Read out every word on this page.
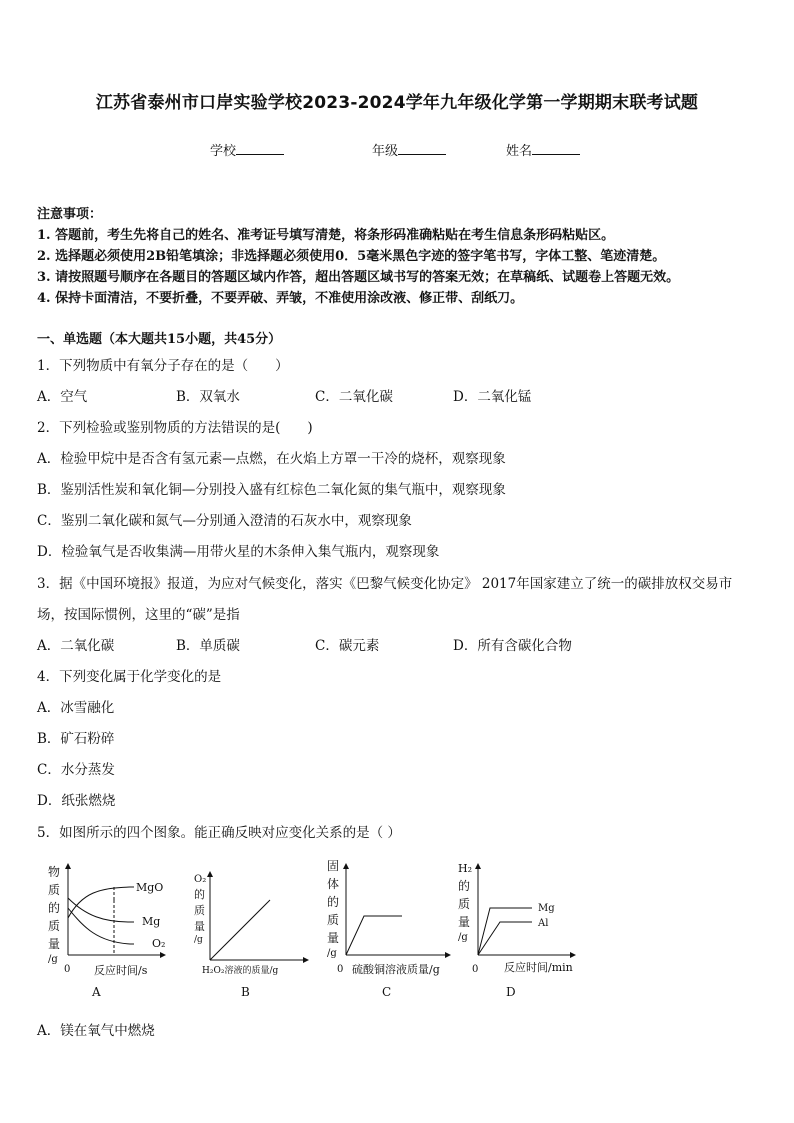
江苏省泰州市口岸实验学校2023-2024学年九年级化学第一学期期末联考试题
学校	年级	姓名
注意事项：
1. 答题前，考生先将自己的姓名、准考证号填写清楚，将条形码准确粘贴在考生信息条形码粘贴区。
2. 选择题必须使用2B铅笔填涂；非选择题必须使用0．5毫米黑色字迹的签字笔书写，字体工整、笔迹清楚。
3. 请按照题号顺序在各题目的答题区域内作答，超出答题区域书写的答案无效；在草稿纸、试题卷上答题无效。
4. 保持卡面清洁，不要折叠，不要弄破、弄皱，不准使用涂改液、修正带、刮纸刀。
一、单选题（本大题共15小题，共45分）
1．下列物质中有氧分子存在的是（　　）
A．空气	B．双氧水	C．二氧化碳	D．二氧化锰
2．下列检验或鉴别物质的方法错误的是(　　)
A．检验甲烷中是否含有氢元素—点燃，在火焰上方罩一干冷的烧杯，观察现象
B．鉴别活性炭和氧化铜—分别投入盛有红棕色二氧化氮的集气瓶中，观察现象
C．鉴别二氧化碳和氮气—分别通入澄清的石灰水中，观察现象
D．检验氧气是否收集满—用带火星的木条伸入集气瓶内，观察现象
3．据《中国环境报》报道，为应对气候变化，落实《巴黎气候变化协定》 2017年国家建立了统一的碳排放权交易市
场，按国际惯例，这里的“碳”是指
A．二氧化碳	B．单质碳	C．碳元素	D．所有含碳化合物
4．下列变化属于化学变化的是
A．冰雪融化
B．矿石粉碎
C．水分蒸发
D．纸张燃烧
5．如图所示的四个图象。能正确反映对应变化关系的是（ ）
物
质
的
质
量
/g
0
MgO
Mg
O₂
反应时间/s
A
O₂
的
质
量
/g
H₂O₂溶液的质量/g
B
固
体
的
质
量
/g
0 硫酸铜溶液质量/g
C
H₂
的
质
量
/g
Mg
Al
0 反应时间/min
D
A．镁在氧气中燃烧
